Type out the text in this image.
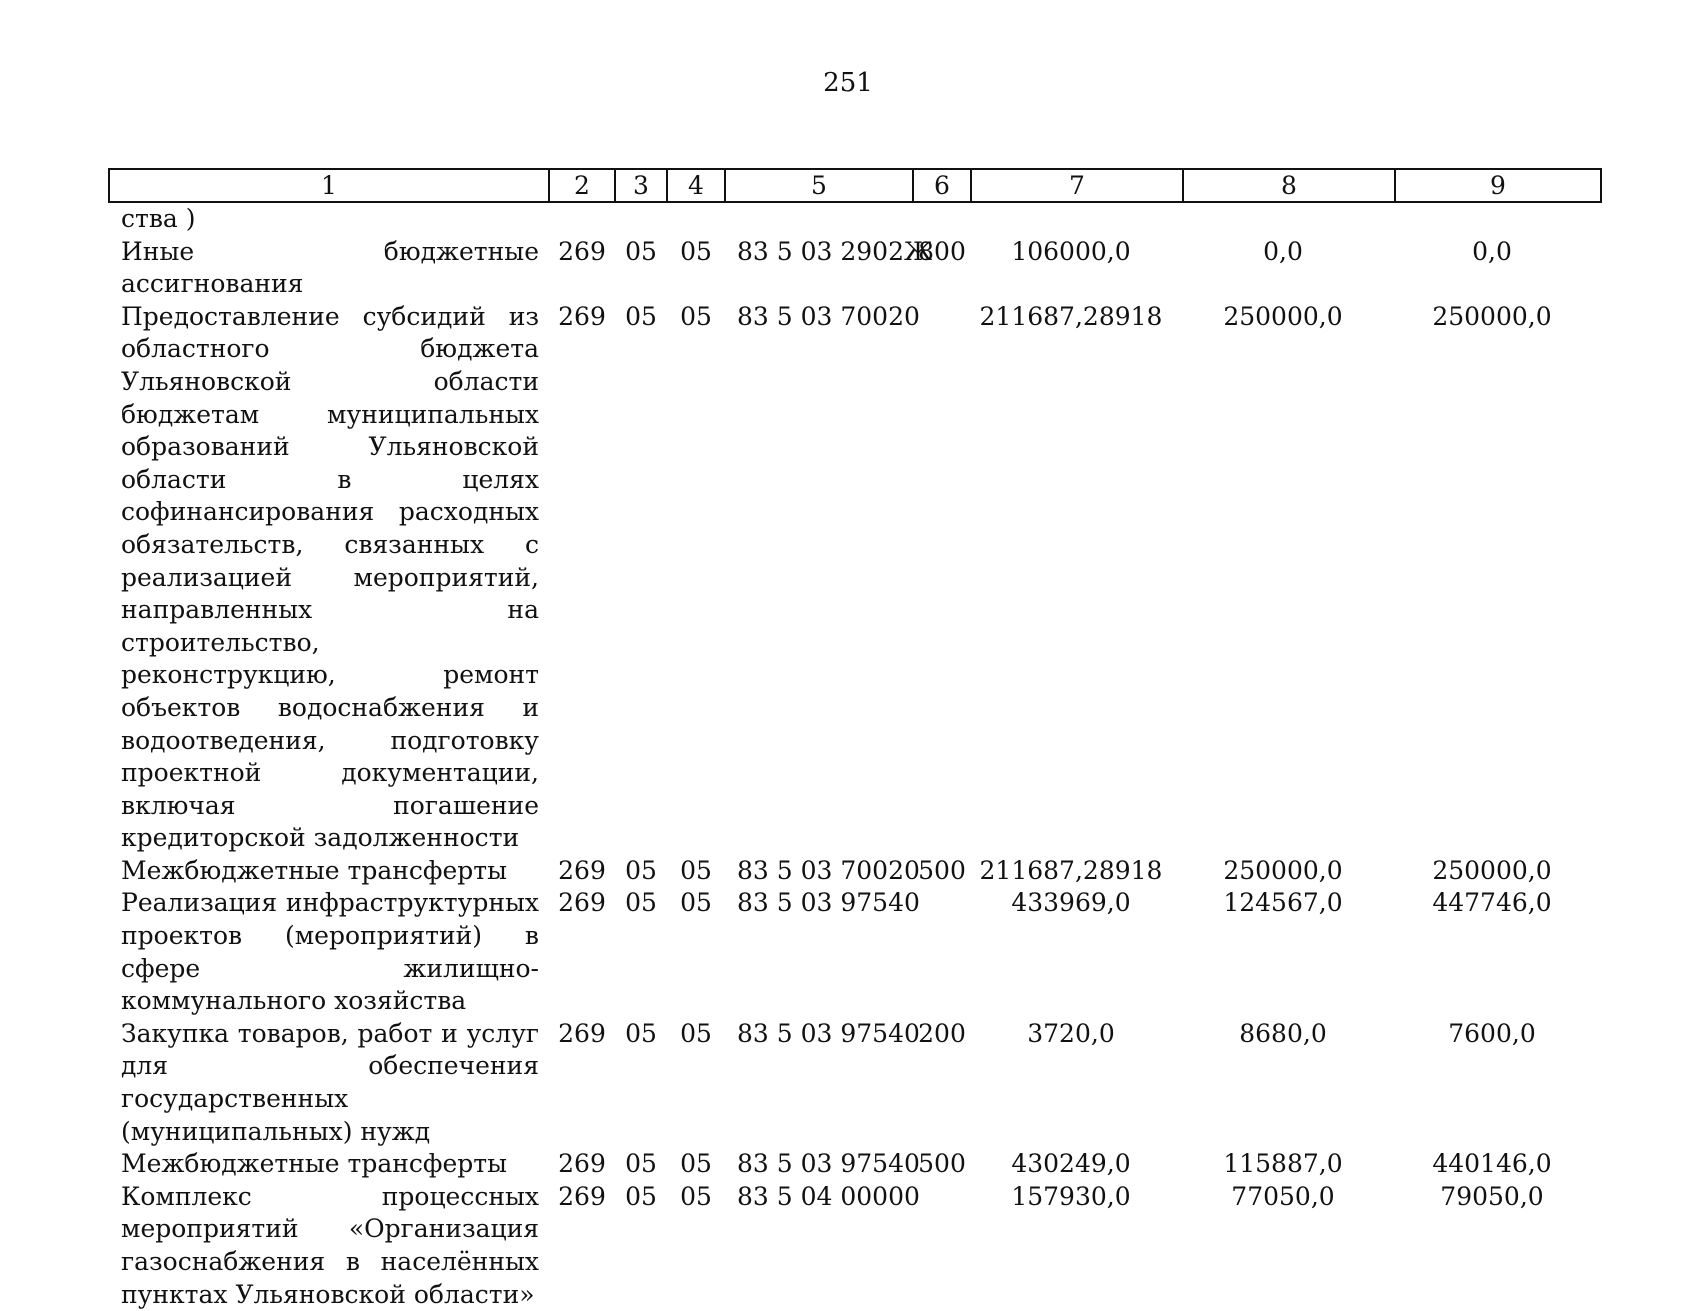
251
1	2	3	4	5	6	7	8	9
ства )								
Иные бюджетные ассигнования	269	05	05	83 5 03 2902Ж	800	106000,0	0,0	0,0
Предоставление субсидий из областного бюджета Ульяновской области бюджетам муниципальных образований Ульяновской области в целях софинансирования расходных обязательств, связанных с реализацией мероприятий, направленных на строительство, реконструкцию, ремонт объектов водоснабжения и водоотведения, подготовку проектной документации, включая погашение кредиторской задолженности	269	05	05	83 5 03 70020		211687,28918	250000,0	250000,0
Межбюджетные трансферты	269	05	05	83 5 03 70020	500	211687,28918	250000,0	250000,0
Реализация инфраструктурных проектов (мероприятий) в сфере жилищно-коммунального хозяйства	269	05	05	83 5 03 97540		433969,0	124567,0	447746,0
Закупка товаров, работ и услуг для обеспечения государственных (муниципальных) нужд	269	05	05	83 5 03 97540	200	3720,0	8680,0	7600,0
Межбюджетные трансферты	269	05	05	83 5 03 97540	500	430249,0	115887,0	440146,0
Комплекс процессных мероприятий «Организация газоснабжения в населённых пунктах Ульяновской области»	269	05	05	83 5 04 00000		157930,0	77050,0	79050,0
